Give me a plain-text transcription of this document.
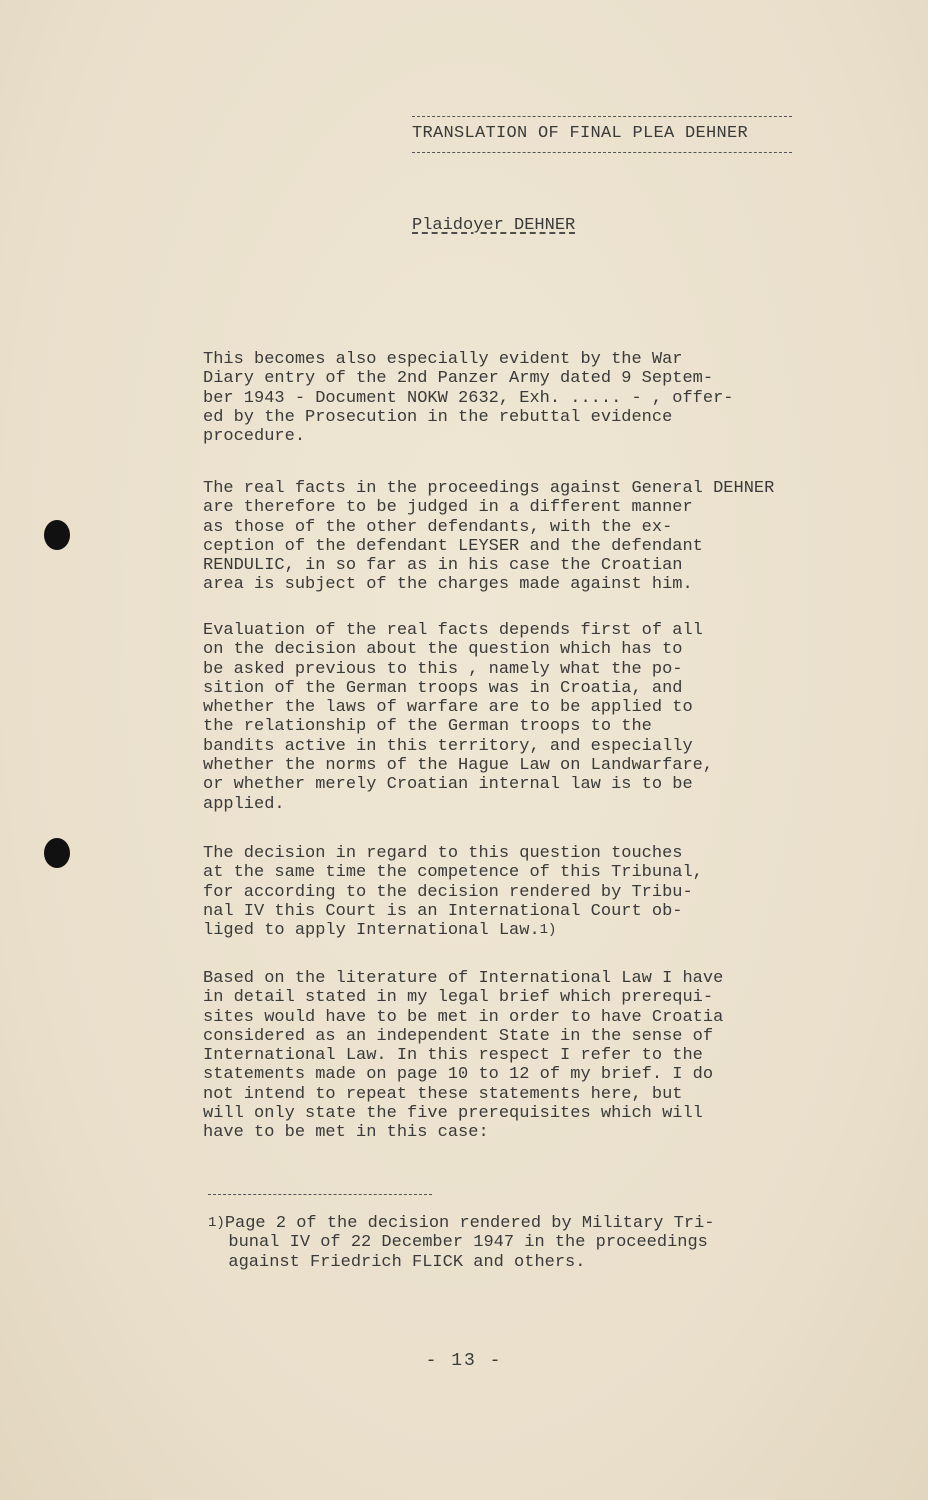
TRANSLATION OF FINAL PLEA DEHNER
Plaidoyer DEHNER

This becomes also especially evident by the War
Diary entry of the 2nd Panzer Army dated 9 Septem-
ber 1943 - Document NOKW 2632, Exh. ..... - , offer-
ed by the Prosecution in the rebuttal evidence
procedure.

The real facts in the proceedings against General DEHNER
are therefore to be judged in a different manner
as those of the other defendants, with the ex-
ception of the defendant LEYSER and the defendant
RENDULIC, in so far as in his case the Croatian
area is subject of the charges made against him.

Evaluation of the real facts depends first of all
on the decision about the question which has to
be asked previous to this , namely what the po-
sition of the German troops was in Croatia, and
whether the laws of warfare are to be applied to
the relationship of the German troops to the
bandits active in this territory, and especially
whether the norms of the Hague Law on Landwarfare,
or whether merely Croatian internal law is to be
applied.

The decision in regard to this question touches
at the same time the competence of this Tribunal,
for according to the decision rendered by Tribu-
nal IV this Court is an International Court ob-
liged to apply International Law.$^{1)}$

Based on the literature of International Law I have
in detail stated in my legal brief which prerequi-
sites would have to be met in order to have Croatia
considered as an independent State in the sense of
International Law. In this respect I refer to the
statements made on page 10 to 12 of my brief. I do
not intend to repeat these statements here, but
will only state the five prerequisites which will
have to be met in this case:

$^{1)}$Page 2 of the decision rendered by Military Tri-
bunal IV of 22 December 1947 in the proceedings
against Friedrich FLICK and others.

- 13 -
